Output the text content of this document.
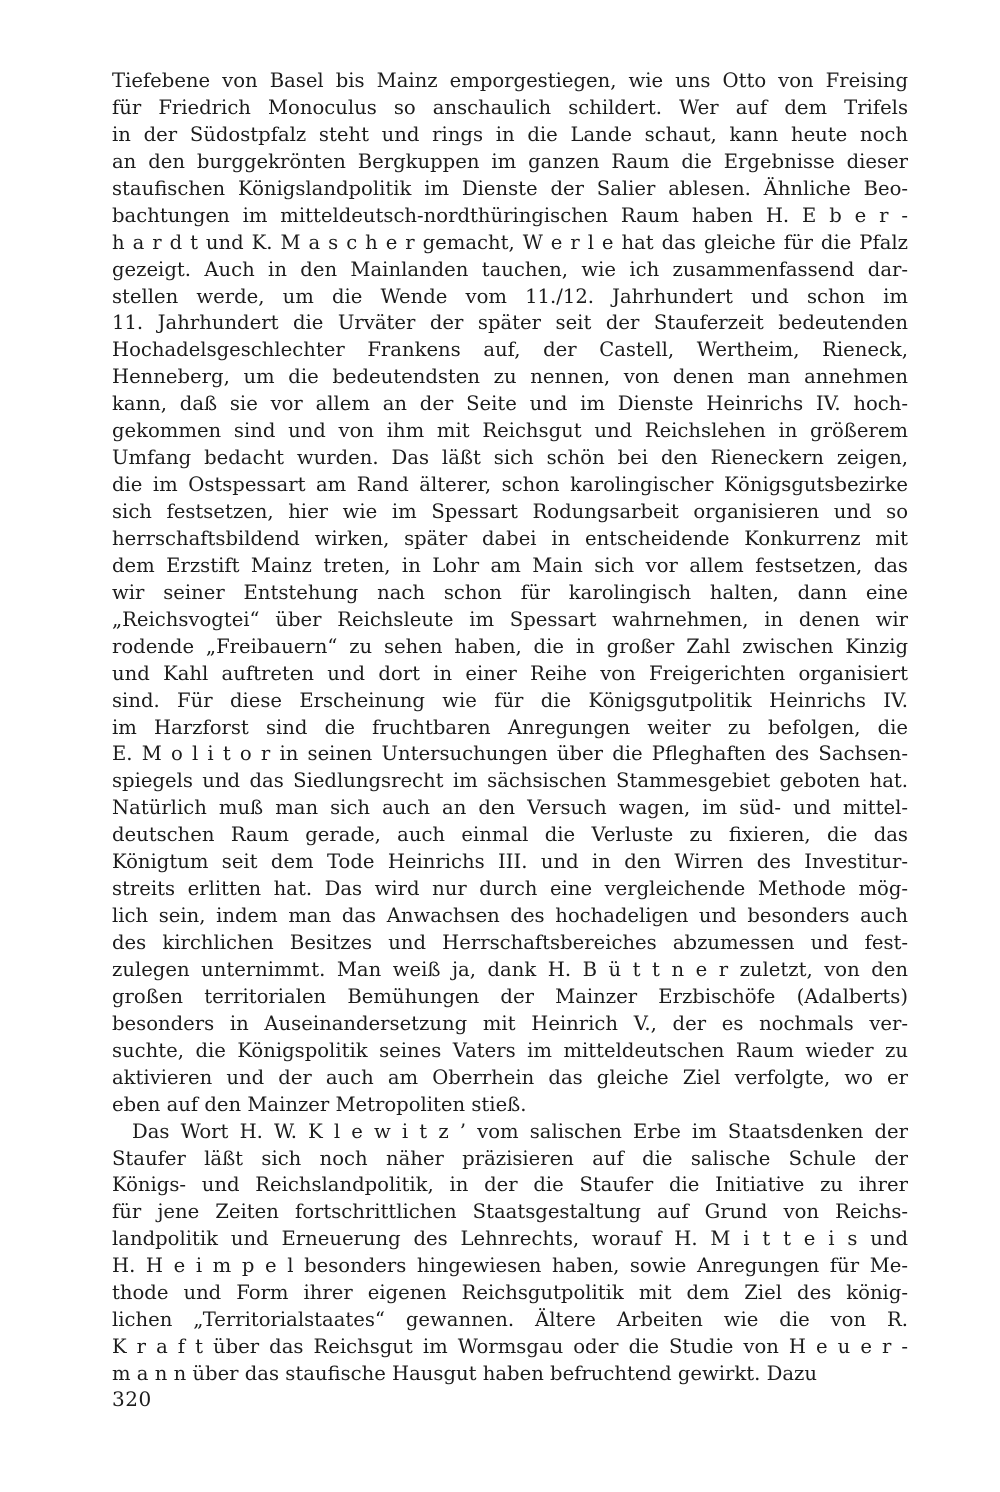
Tiefebene von Basel bis Mainz emporgestiegen, wie uns Otto von Freising
für Friedrich Monoculus so anschaulich schildert. Wer auf dem Trifels
in der Südostpfalz steht und rings in die Lande schaut, kann heute noch
an den burggekrönten Bergkuppen im ganzen Raum die Ergebnisse dieser
staufischen Königslandpolitik im Dienste der Salier ablesen. Ähnliche Beo-
bachtungen im mitteldeutsch-nordthüringischen Raum haben H. E b e r -
h a r d t und K. M a s c h e r gemacht, W e r l e hat das gleiche für die Pfalz
gezeigt. Auch in den Mainlanden tauchen, wie ich zusammenfassend dar-
stellen werde, um die Wende vom 11./12. Jahrhundert und schon im
11. Jahrhundert die Urväter der später seit der Stauferzeit bedeutenden
Hochadelsgeschlechter Frankens auf, der Castell, Wertheim, Rieneck,
Henneberg, um die bedeutendsten zu nennen, von denen man annehmen
kann, daß sie vor allem an der Seite und im Dienste Heinrichs IV. hoch-
gekommen sind und von ihm mit Reichsgut und Reichslehen in größerem
Umfang bedacht wurden. Das läßt sich schön bei den Rieneckern zeigen,
die im Ostspessart am Rand älterer, schon karolingischer Königsgutsbezirke
sich festsetzen, hier wie im Spessart Rodungsarbeit organisieren und so
herrschaftsbildend wirken, später dabei in entscheidende Konkurrenz mit
dem Erzstift Mainz treten, in Lohr am Main sich vor allem festsetzen, das
wir seiner Entstehung nach schon für karolingisch halten, dann eine
„Reichsvogtei“ über Reichsleute im Spessart wahrnehmen, in denen wir
rodende „Freibauern“ zu sehen haben, die in großer Zahl zwischen Kinzig
und Kahl auftreten und dort in einer Reihe von Freigerichten organisiert
sind. Für diese Erscheinung wie für die Königsgutpolitik Heinrichs IV.
im Harzforst sind die fruchtbaren Anregungen weiter zu befolgen, die
E. M o l i t o r in seinen Untersuchungen über die Pfleghaften des Sachsen-
spiegels und das Siedlungsrecht im sächsischen Stammesgebiet geboten hat.
Natürlich muß man sich auch an den Versuch wagen, im süd- und mittel-
deutschen Raum gerade, auch einmal die Verluste zu fixieren, die das
Königtum seit dem Tode Heinrichs III. und in den Wirren des Investitur-
streits erlitten hat. Das wird nur durch eine vergleichende Methode mög-
lich sein, indem man das Anwachsen des hochadeligen und besonders auch
des kirchlichen Besitzes und Herrschaftsbereiches abzumessen und fest-
zulegen unternimmt. Man weiß ja, dank H. B ü t t n e r zuletzt, von den
großen territorialen Bemühungen der Mainzer Erzbischöfe (Adalberts)
besonders in Auseinandersetzung mit Heinrich V., der es nochmals ver-
suchte, die Königspolitik seines Vaters im mitteldeutschen Raum wieder zu
aktivieren und der auch am Oberrhein das gleiche Ziel verfolgte, wo er
eben auf den Mainzer Metropoliten stieß.
Das Wort H. W. K l e w i t z ’ vom salischen Erbe im Staatsdenken der
Staufer läßt sich noch näher präzisieren auf die salische Schule der
Königs- und Reichslandpolitik, in der die Staufer die Initiative zu ihrer
für jene Zeiten fortschrittlichen Staatsgestaltung auf Grund von Reichs-
landpolitik und Erneuerung des Lehnrechts, worauf H. M i t t e i s und
H. H e i m p e l besonders hingewiesen haben, sowie Anregungen für Me-
thode und Form ihrer eigenen Reichsgutpolitik mit dem Ziel des könig-
lichen „Territorialstaates“ gewannen. Ältere Arbeiten wie die von R.
K r a f t über das Reichsgut im Wormsgau oder die Studie von H e u e r -
m a n n über das staufische Hausgut haben befruchtend gewirkt. Dazu
320
